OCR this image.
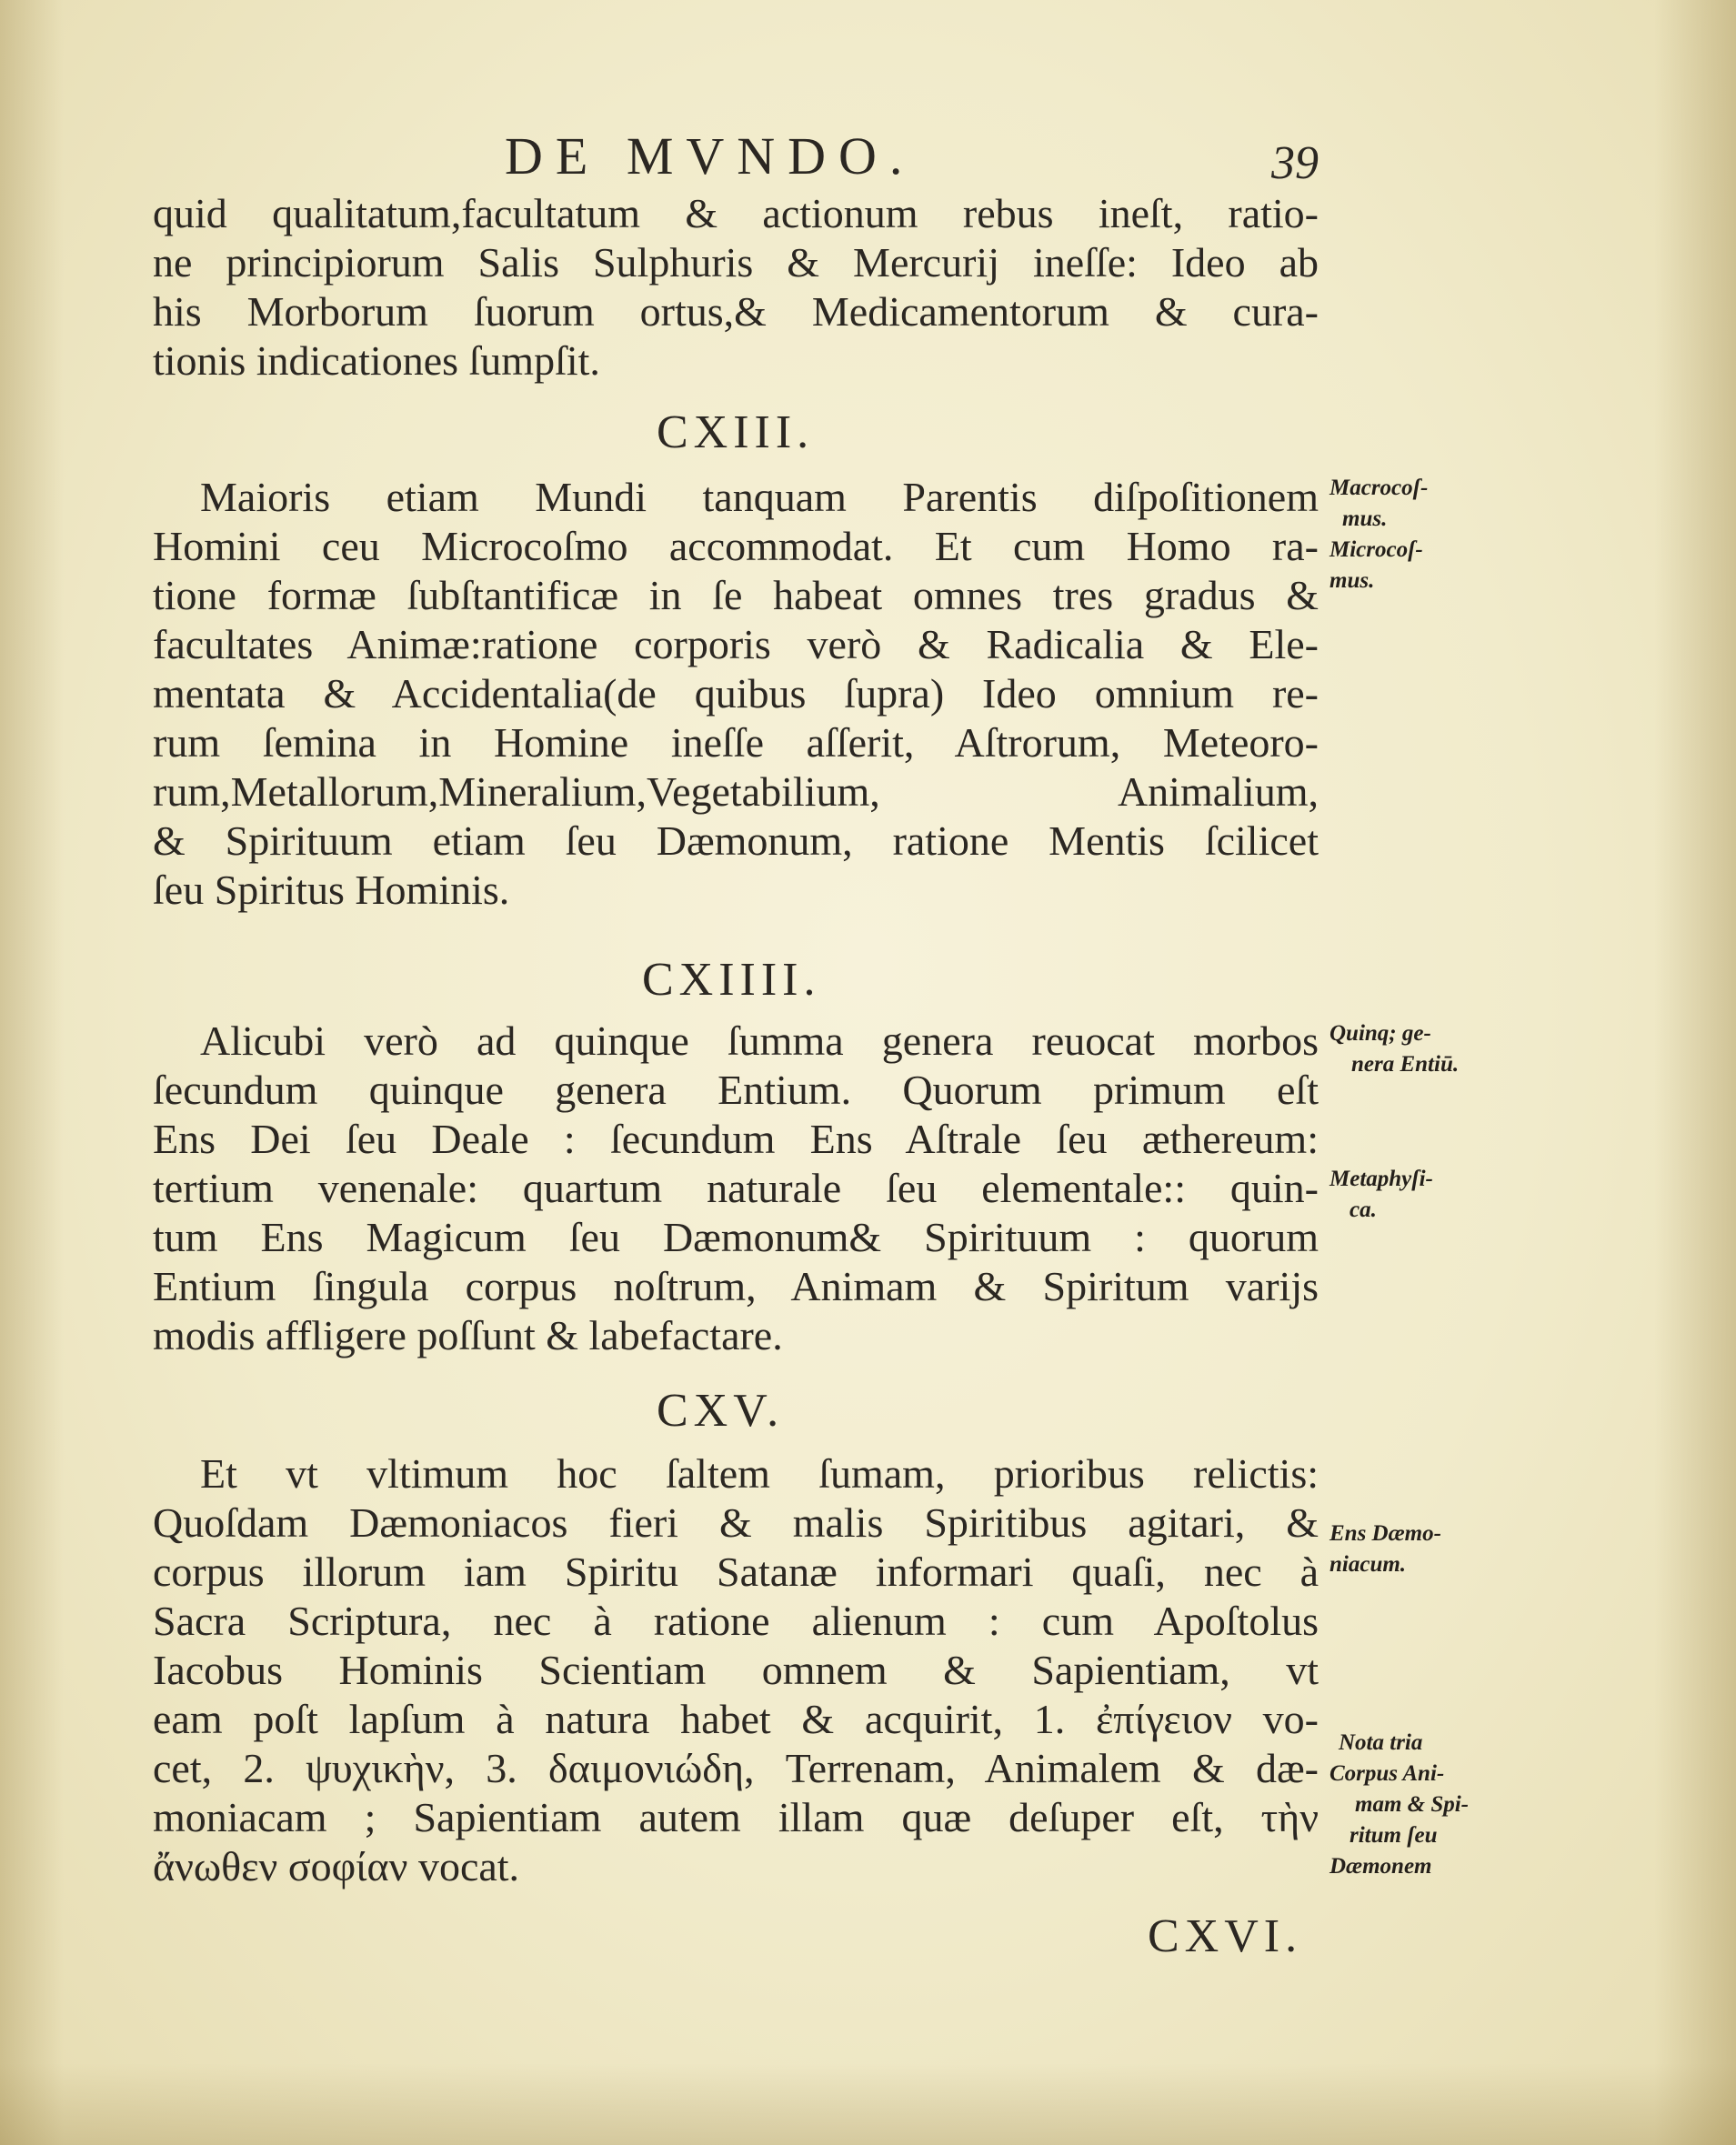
DE MVNDO.	39
quid qualitatum,facultatum & actionum rebus ineſt, ratio-
ne principiorum Salis Sulphuris & Mercurij ineſſe: Ideo ab
his Morborum ſuorum ortus,& Medicamentorum & cura-
tionis indicationes ſumpſit.
CXIII.
Maioris etiam Mundi tanquam Parentis diſpoſitionem
Homini ceu Microcoſmo accommodat. Et cum Homo ra-
tione formæ ſubſtantificæ in ſe habeat omnes tres gradus &
facultates Animæ:ratione corporis verò & Radicalia & Ele-
mentata & Accidentalia(de quibus ſupra) Ideo omnium re-
rum ſemina in Homine ineſſe aſſerit, Aſtrorum, Meteoro-
rum,Metallorum,Mineralium,Vegetabilium, Animalium,
& Spirituum etiam ſeu Dæmonum, ratione Mentis ſcilicet
ſeu Spiritus Hominis.
Macrocoſ-
mus.
Microcoſ-
mus.
CXIIII.
Alicubi verò ad quinque ſumma genera reuocat morbos
ſecundum quinque genera Entium. Quorum primum eſt
Ens Dei ſeu Deale : ſecundum Ens Aſtrale ſeu æthereum:
tertium venenale: quartum naturale ſeu elementale:: quin-
tum Ens Magicum ſeu Dæmonum& Spirituum : quorum
Entium ſingula corpus noſtrum, Animam & Spiritum varijs
modis affligere poſſunt & labefactare.
Quinq; ge-
nera Entiū.
Metaphyſi-
ca.
CXV.
Et vt vltimum hoc ſaltem ſumam, prioribus relictis:
Quoſdam Dæmoniacos fieri & malis Spiritibus agitari, &
corpus illorum iam Spiritu Satanæ informari quaſi, nec à
Sacra Scriptura, nec à ratione alienum : cum Apoſtolus
Iacobus Hominis Scientiam omnem & Sapientiam, vt
eam poſt lapſum à natura habet & acquirit, 1. ἐπίγειον vo-
cet, 2. ψυχικὴν, 3. δαιμονιώδη, Terrenam, Animalem & dæ-
moniacam ; Sapientiam autem illam quæ deſuper eſt, τὴν
ἄνωθεν σοφίαν vocat.
Ens Dæmo-
niacum.
Nota tria
Corpus Ani-
mam & Spi-
ritum ſeu
Dæmonem
CXVI.
